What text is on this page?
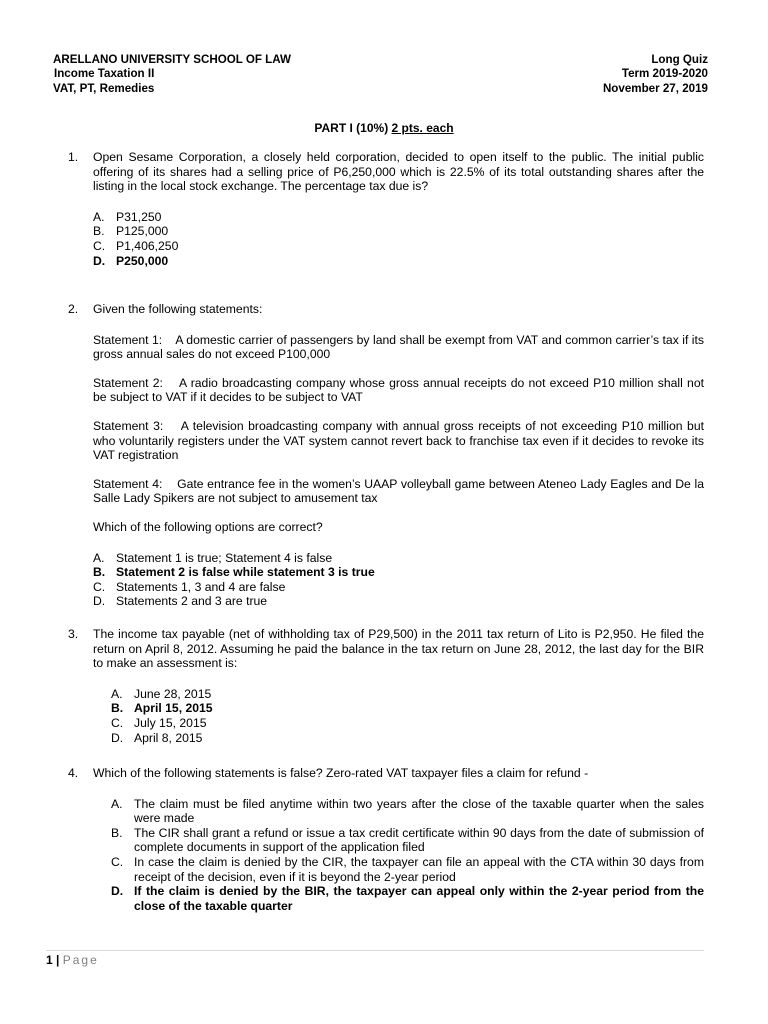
ARELLANO UNIVERSITY SCHOOL OF LAW
Income Taxation II
VAT, PT, Remedies
Long Quiz
Term 2019-2020
November 27, 2019
PART I (10%) 2 pts. each
1. Open Sesame Corporation, a closely held corporation, decided to open itself to the public. The initial public offering of its shares had a selling price of P6,250,000 which is 22.5% of its total outstanding shares after the listing in the local stock exchange. The percentage tax due is?
A. P31,250
B. P125,000
C. P1,406,250
D. P250,000
2. Given the following statements:
Statement 1:    A domestic carrier of passengers by land shall be exempt from VAT and common carrier’s tax if its gross annual sales do not exceed P100,000
Statement 2:    A radio broadcasting company whose gross annual receipts do not exceed P10 million shall not be subject to VAT if it decides to be subject to VAT
Statement 3:    A television broadcasting company with annual gross receipts of not exceeding P10 million but who voluntarily registers under the VAT system cannot revert back to franchise tax even if it decides to revoke its VAT registration
Statement 4:    Gate entrance fee in the women’s UAAP volleyball game between Ateneo Lady Eagles and De la Salle Lady Spikers are not subject to amusement tax
Which of the following options are correct?
A. Statement 1 is true; Statement 4 is false
B. Statement 2 is false while statement 3 is true
C. Statements 1, 3 and 4 are false
D. Statements 2 and 3 are true
3. The income tax payable (net of withholding tax of P29,500) in the 2011 tax return of Lito is P2,950. He filed the return on April 8, 2012. Assuming he paid the balance in the tax return on June 28, 2012, the last day for the BIR to make an assessment is:
A. June 28, 2015
B. April 15, 2015
C. July 15, 2015
D. April 8, 2015
4. Which of the following statements is false? Zero-rated VAT taxpayer files a claim for refund -
A. The claim must be filed anytime within two years after the close of the taxable quarter when the sales were made
B. The CIR shall grant a refund or issue a tax credit certificate within 90 days from the date of submission of complete documents in support of the application filed
C. In case the claim is denied by the CIR, the taxpayer can file an appeal with the CTA within 30 days from receipt of the decision, even if it is beyond the 2-year period
D. If the claim is denied by the BIR, the taxpayer can appeal only within the 2-year period from the close of the taxable quarter
1 | Page
